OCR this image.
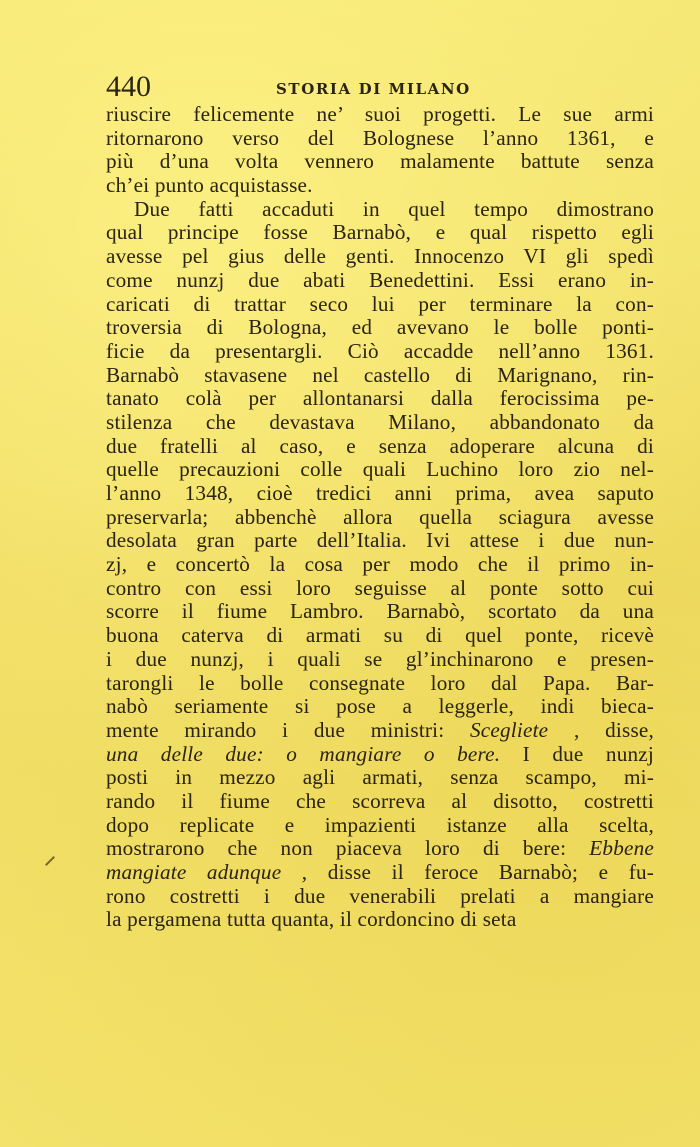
440	STORIA DI MILANO
riuscire felicemente ne’ suoi progetti. Le sue armi
ritornarono verso del Bolognese l’anno 1361, e
più d’una volta vennero malamente battute senza
ch’ei punto acquistasse.
Due fatti accaduti in quel tempo dimostrano
qual principe fosse Barnabò, e qual rispetto egli
avesse pel gius delle genti. Innocenzo VI gli spedì
come nunzj due abati Benedettini. Essi erano in-
caricati di trattar seco lui per terminare la con-
troversia di Bologna, ed avevano le bolle ponti-
ficie da presentargli. Ciò accadde nell’anno 1361.
Barnabò stavasene nel castello di Marignano, rin-
tanato colà per allontanarsi dalla ferocissima pe-
stilenza che devastava Milano, abbandonato da
due fratelli al caso, e senza adoperare alcuna di
quelle precauzioni colle quali Luchino loro zio nel-
l’anno 1348, cioè tredici anni prima, avea saputo
preservarla; abbenchè allora quella sciagura avesse
desolata gran parte dell’Italia. Ivi attese i due nun-
zj, e concertò la cosa per modo che il primo in-
contro con essi loro seguisse al ponte sotto cui
scorre il fiume Lambro. Barnabò, scortato da una
buona caterva di armati su di quel ponte, ricevè
i due nunzj, i quali se gl’inchinarono e presen-
tarongli le bolle consegnate loro dal Papa. Bar-
nabò seriamente si pose a leggerle, indi bieca-
mente mirando i due ministri: Scegliete , disse,
una delle due: o mangiare o bere. I due nunzj
posti in mezzo agli armati, senza scampo, mi-
rando il fiume che scorreva al disotto, costretti
dopo replicate e impazienti istanze alla scelta,
mostrarono che non piaceva loro di bere: Ebbene
mangiate adunque , disse il feroce Barnabò; e fu-
rono costretti i due venerabili prelati a mangiare
la pergamena tutta quanta, il cordoncino di seta
